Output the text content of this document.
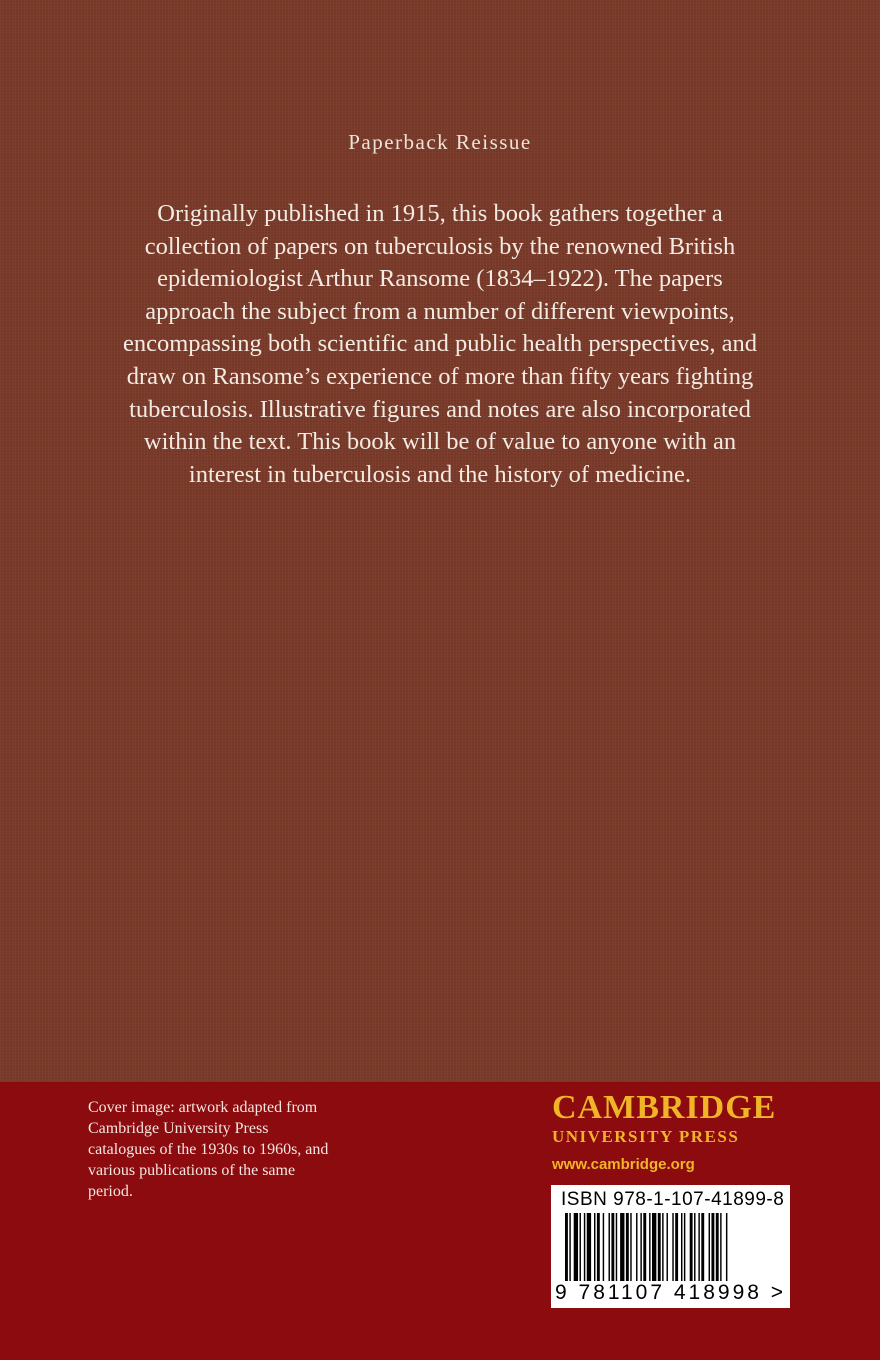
Paperback Reissue

Originally published in 1915, this book gathers together a collection of papers on tuberculosis by the renowned British epidemiologist Arthur Ransome (1834–1922). The papers approach the subject from a number of different viewpoints, encompassing both scientific and public health perspectives, and draw on Ransome’s experience of more than fifty years fighting tuberculosis. Illustrative figures and notes are also incorporated within the text. This book will be of value to anyone with an interest in tuberculosis and the history of medicine.

Cover image: artwork adapted from Cambridge University Press catalogues of the 1930s to 1960s, and various publications of the same period.

CAMBRIDGE
UNIVERSITY PRESS
www.cambridge.org
ISBN 978-1-107-41899-8
9 781107 418998 >
